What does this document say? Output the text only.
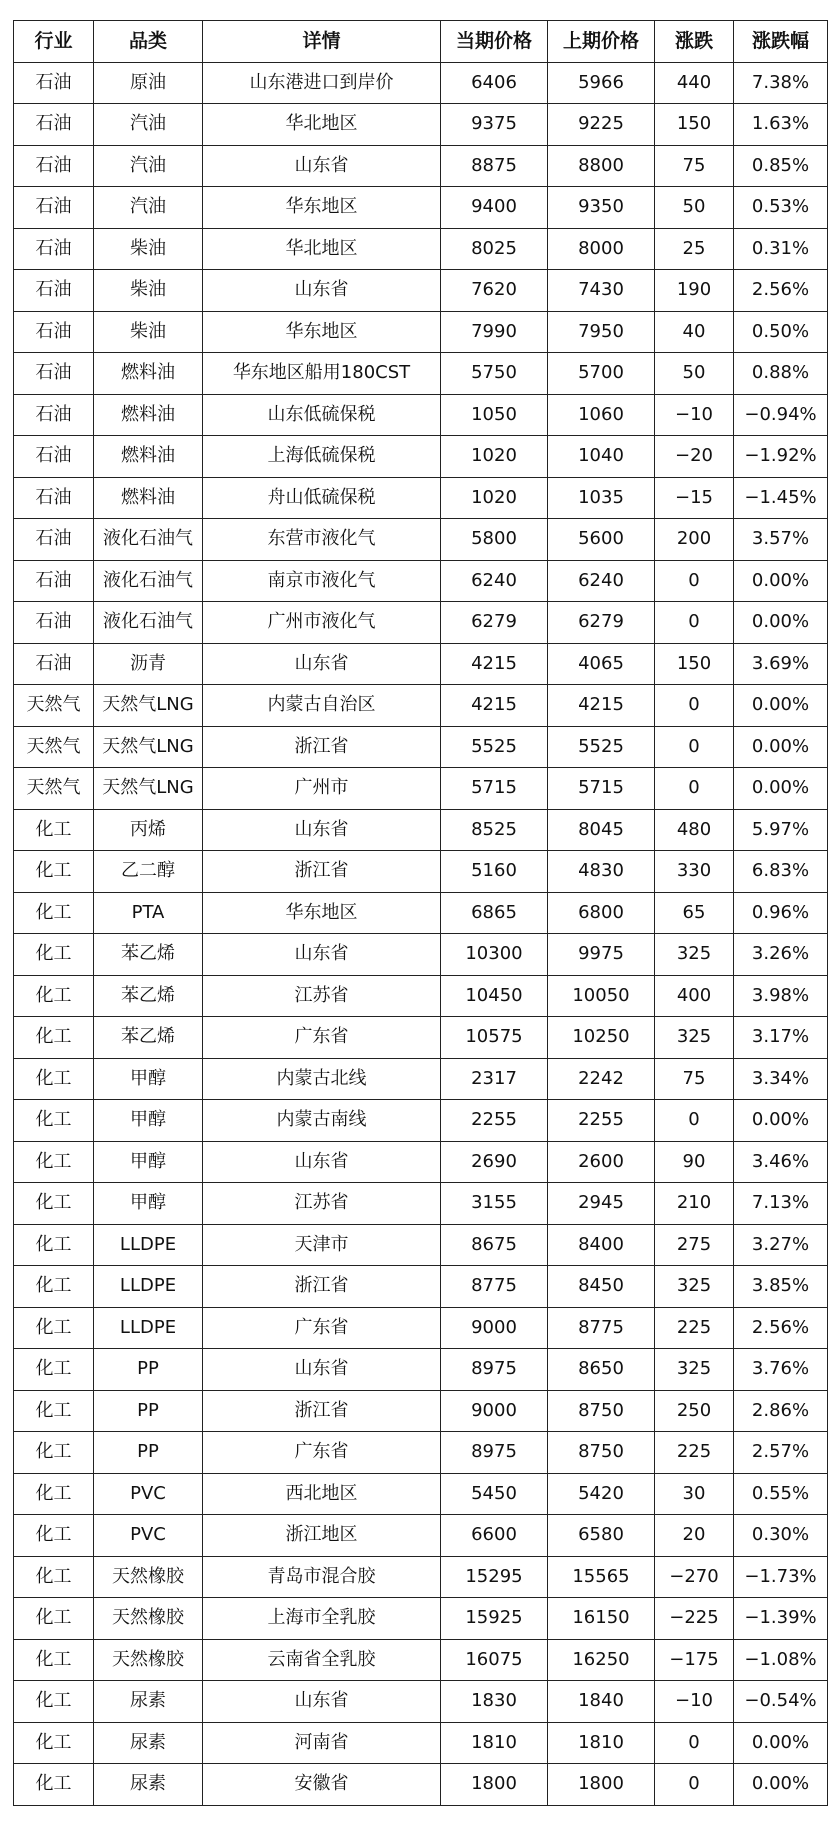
行业	品类	详情	当期价格	上期价格	涨跌	涨跌幅
石油	原油	山东港进口到岸价	6406	5966	440	7.38%
石油	汽油	华北地区	9375	9225	150	1.63%
石油	汽油	山东省	8875	8800	75	0.85%
石油	汽油	华东地区	9400	9350	50	0.53%
石油	柴油	华北地区	8025	8000	25	0.31%
石油	柴油	山东省	7620	7430	190	2.56%
石油	柴油	华东地区	7990	7950	40	0.50%
石油	燃料油	华东地区船用180CST	5750	5700	50	0.88%
石油	燃料油	山东低硫保税	1050	1060	−10	−0.94%
石油	燃料油	上海低硫保税	1020	1040	−20	−1.92%
石油	燃料油	舟山低硫保税	1020	1035	−15	−1.45%
石油	液化石油气	东营市液化气	5800	5600	200	3.57%
石油	液化石油气	南京市液化气	6240	6240	0	0.00%
石油	液化石油气	广州市液化气	6279	6279	0	0.00%
石油	沥青	山东省	4215	4065	150	3.69%
天然气	天然气LNG	内蒙古自治区	4215	4215	0	0.00%
天然气	天然气LNG	浙江省	5525	5525	0	0.00%
天然气	天然气LNG	广州市	5715	5715	0	0.00%
化工	丙烯	山东省	8525	8045	480	5.97%
化工	乙二醇	浙江省	5160	4830	330	6.83%
化工	PTA	华东地区	6865	6800	65	0.96%
化工	苯乙烯	山东省	10300	9975	325	3.26%
化工	苯乙烯	江苏省	10450	10050	400	3.98%
化工	苯乙烯	广东省	10575	10250	325	3.17%
化工	甲醇	内蒙古北线	2317	2242	75	3.34%
化工	甲醇	内蒙古南线	2255	2255	0	0.00%
化工	甲醇	山东省	2690	2600	90	3.46%
化工	甲醇	江苏省	3155	2945	210	7.13%
化工	LLDPE	天津市	8675	8400	275	3.27%
化工	LLDPE	浙江省	8775	8450	325	3.85%
化工	LLDPE	广东省	9000	8775	225	2.56%
化工	PP	山东省	8975	8650	325	3.76%
化工	PP	浙江省	9000	8750	250	2.86%
化工	PP	广东省	8975	8750	225	2.57%
化工	PVC	西北地区	5450	5420	30	0.55%
化工	PVC	浙江地区	6600	6580	20	0.30%
化工	天然橡胶	青岛市混合胶	15295	15565	−270	−1.73%
化工	天然橡胶	上海市全乳胶	15925	16150	−225	−1.39%
化工	天然橡胶	云南省全乳胶	16075	16250	−175	−1.08%
化工	尿素	山东省	1830	1840	−10	−0.54%
化工	尿素	河南省	1810	1810	0	0.00%
化工	尿素	安徽省	1800	1800	0	0.00%
